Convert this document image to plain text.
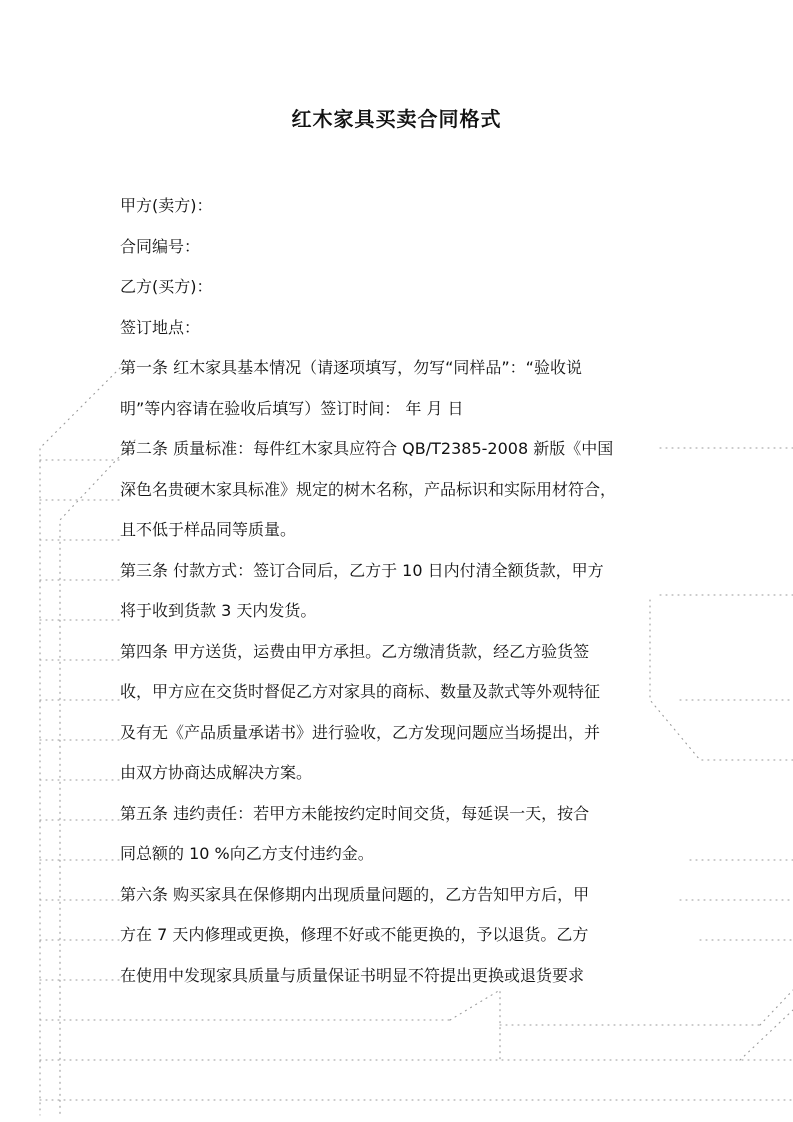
红木家具买卖合同格式
甲方(卖方)：
合同编号：
乙方(买方)：
签订地点：
第一条 红木家具基本情况（请逐项填写，勿写“同样品”：“验收说
明”等内容请在验收后填写）签订时间： 年 月 日
第二条 质量标准：每件红木家具应符合 QB/T2385-2008 新版《中国
深色名贵硬木家具标准》规定的树木名称，产品标识和实际用材符合，
且不低于样品同等质量。
第三条 付款方式：签订合同后，乙方于 10 日内付清全额货款，甲方
将于收到货款 3 天内发货。
第四条 甲方送货，运费由甲方承担。乙方缴清货款，经乙方验货签
收，甲方应在交货时督促乙方对家具的商标、数量及款式等外观特征
及有无《产品质量承诺书》进行验收，乙方发现问题应当场提出，并
由双方协商达成解决方案。
第五条 违约责任：若甲方未能按约定时间交货，每延误一天，按合
同总额的 10 %向乙方支付违约金。
第六条 购买家具在保修期内出现质量问题的，乙方告知甲方后，甲
方在 7 天内修理或更换，修理不好或不能更换的，予以退货。乙方
在使用中发现家具质量与质量保证书明显不符提出更换或退货要求
